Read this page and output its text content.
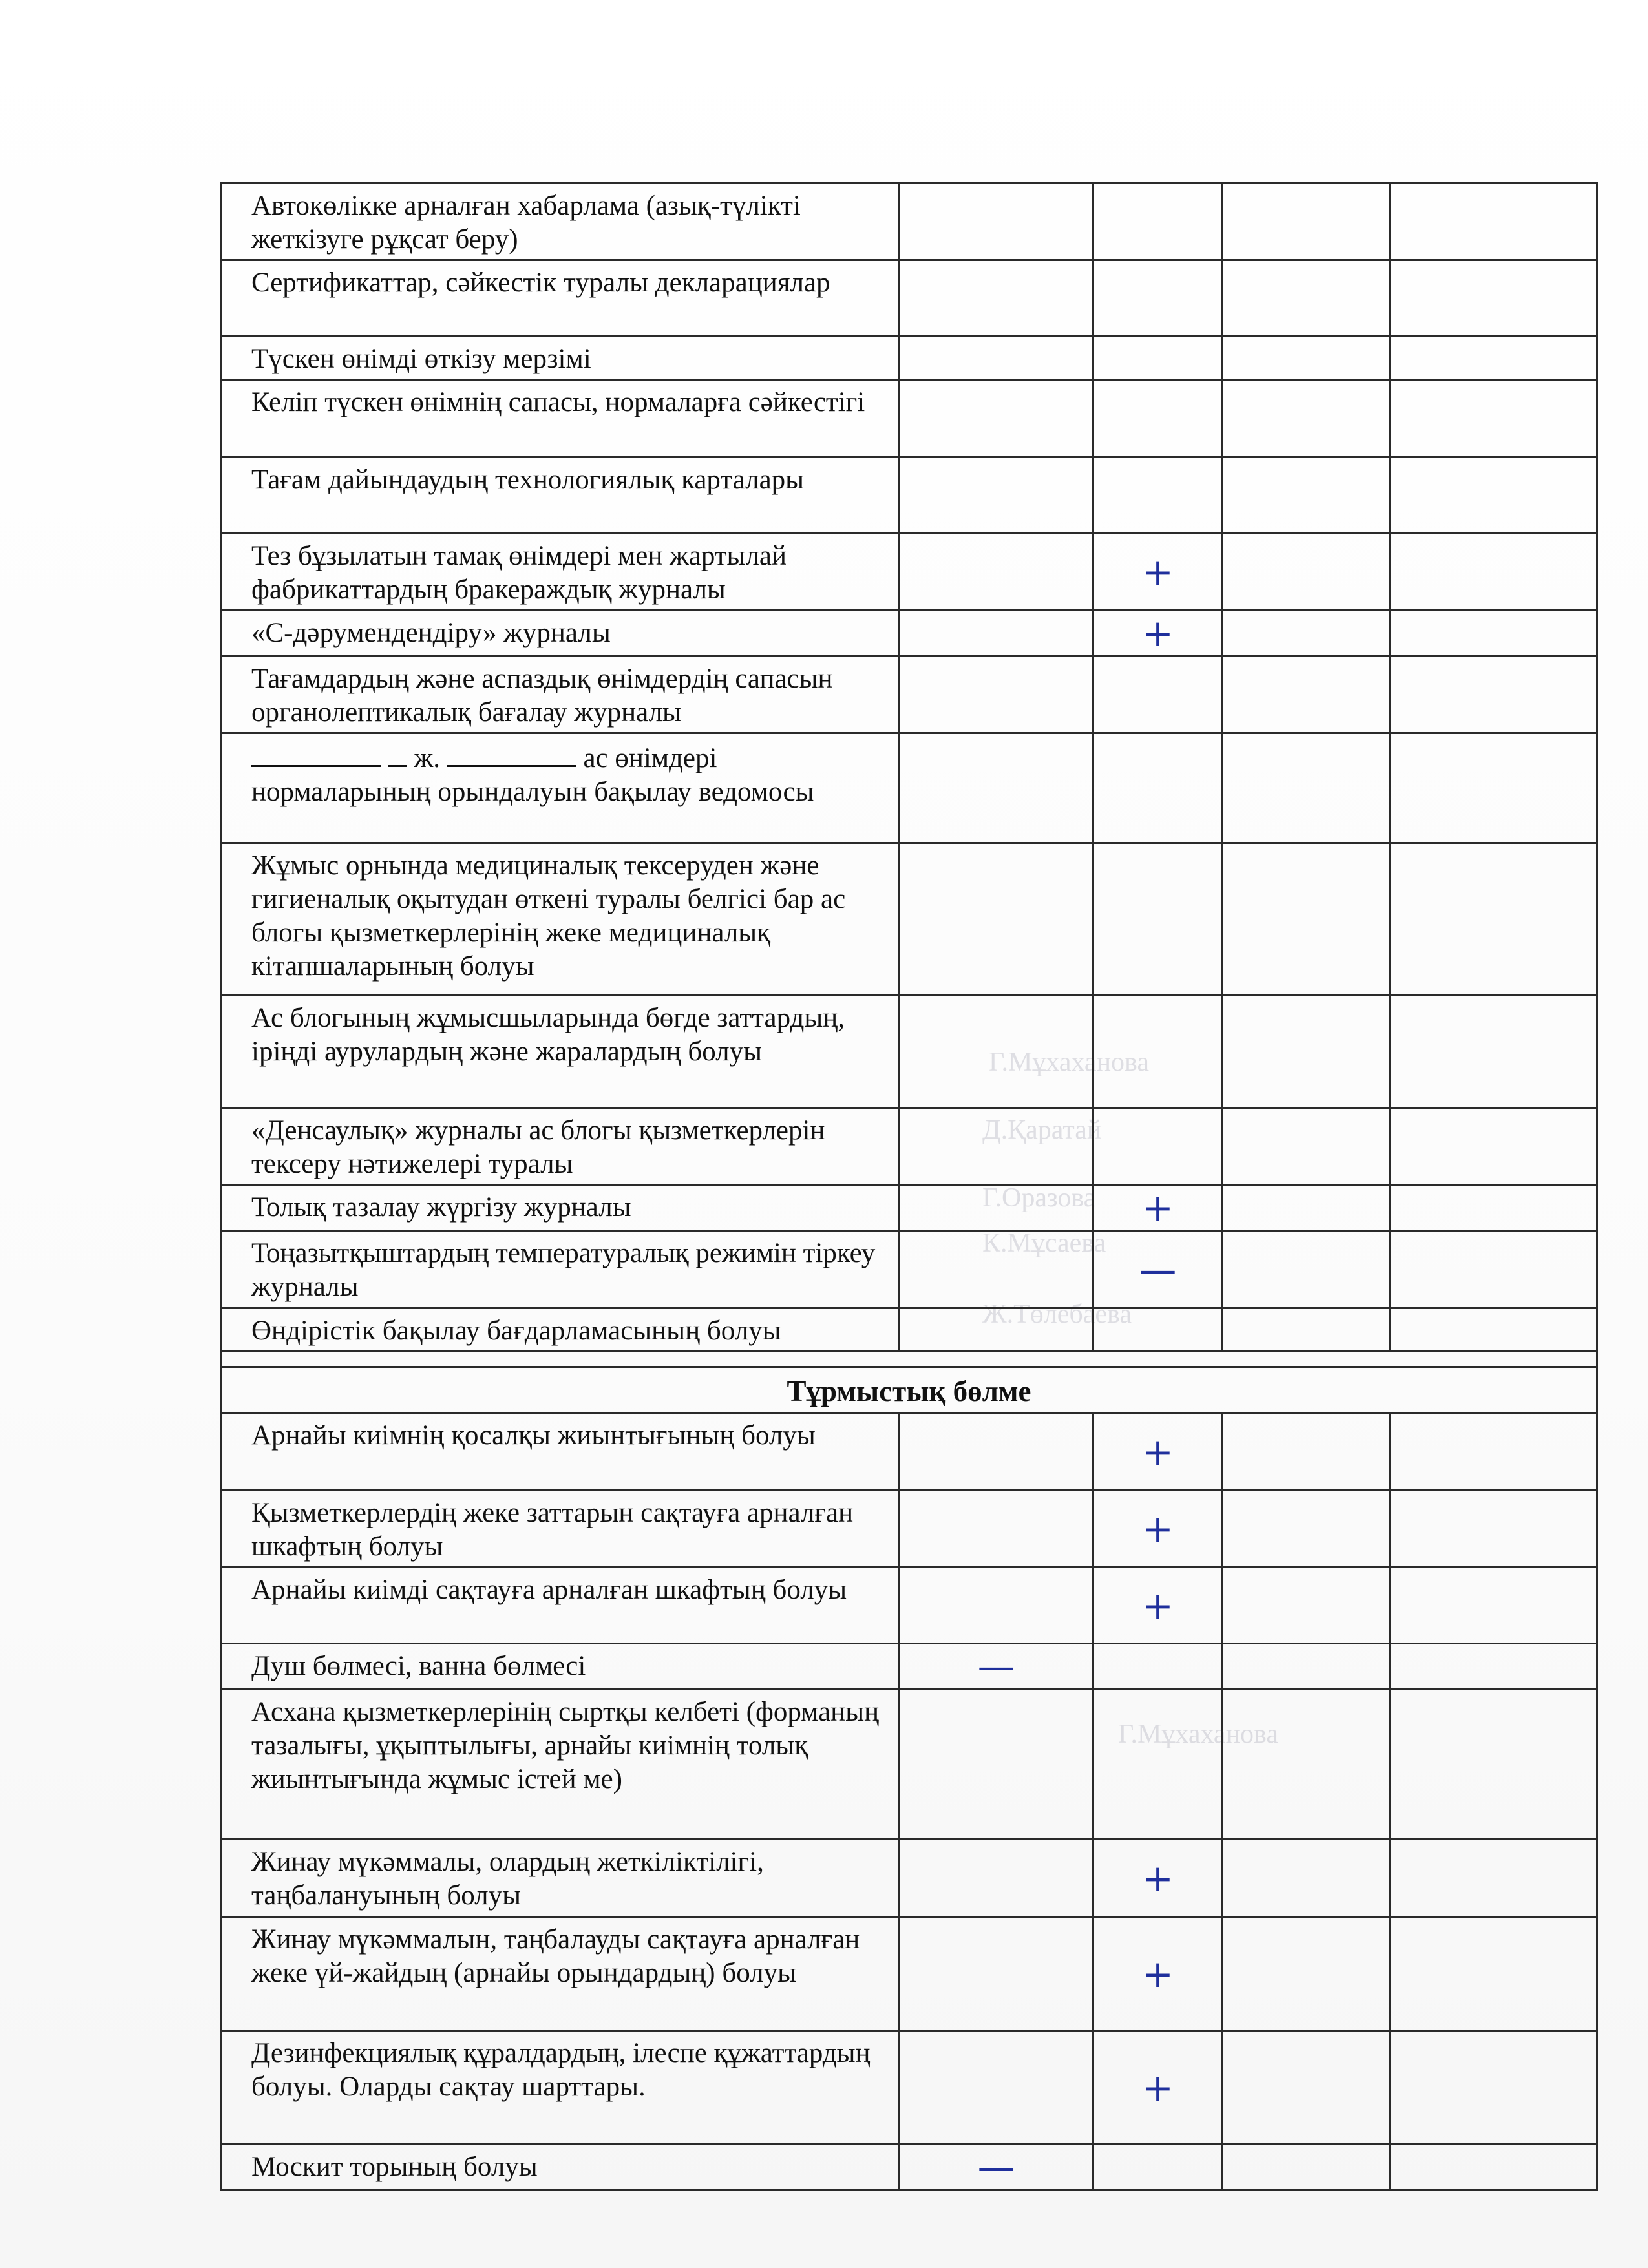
Г.Мұхаханова
Д.Қаратай
Г.Оразова
К.Мұсаева
Ж.Төлебаева
Г.Мұхаханова
Автокөлікке арналған хабарлама (азық-түлікті жеткізуге рұқсат беру)				
Сертификаттар, сәйкестік туралы декларациялар				
Түскен өнімді өткізу мерзімі				
Келіп түскен өнімнің сапасы, нормаларға сәйкестігі				
Тағам дайындаудың технологиялық карталары				
Тез бұзылатын тамақ өнімдері мен жартылай фабрикаттардың бракераждық журналы		+		
«С-дәрумендендіру» журналы		+		
Тағамдардың және аспаздық өнімдердің сапасын органолептикалық бағалау журналы				
ж. ас өнімдері нормаларының орындалуын бақылау ведомосы				
Жұмыс орнында медициналық тексеруден және гигиеналық оқытудан өткені туралы белгісі бар ас блогы қызметкерлерінің жеке медициналық кітапшаларының болуы				
Ас блогының жұмысшыларында бөгде заттардың, іріңді аурулардың және жаралардың болуы				
«Денсаулық» журналы ас блогы қызметкерлерін тексеру нәтижелері туралы				
Толық тазалау жүргізу журналы		+		
Тоңазытқыштардың температуралық режимін тіркеу журналы		—		
Өндірістік бақылау бағдарламасының болуы				

Тұрмыстық бөлме				
Арнайы киімнің қосалқы жиынтығының болуы		+		
Қызметкерлердің жеке заттарын сақтауға арналған шкафтың болуы		+		
Арнайы киімді сақтауға арналған шкафтың болуы		+		
Душ бөлмесі, ванна бөлмесі	—			
Асхана қызметкерлерінің сыртқы келбеті (форманың тазалығы, ұқыптылығы, арнайы киімнің толық жиынтығында жұмыс істей ме)				
Жинау мүкәммалы, олардың жеткіліктілігі, таңбалануының болуы		+		
Жинау мүкәммалын, таңбалауды сақтауға арналған жеке үй-жайдың (арнайы орындардың) болуы		+		
Дезинфекциялық құралдардың, ілеспе құжаттардың болуы. Оларды сақтау шарттары.		+		
Москит торының болуы	—			
